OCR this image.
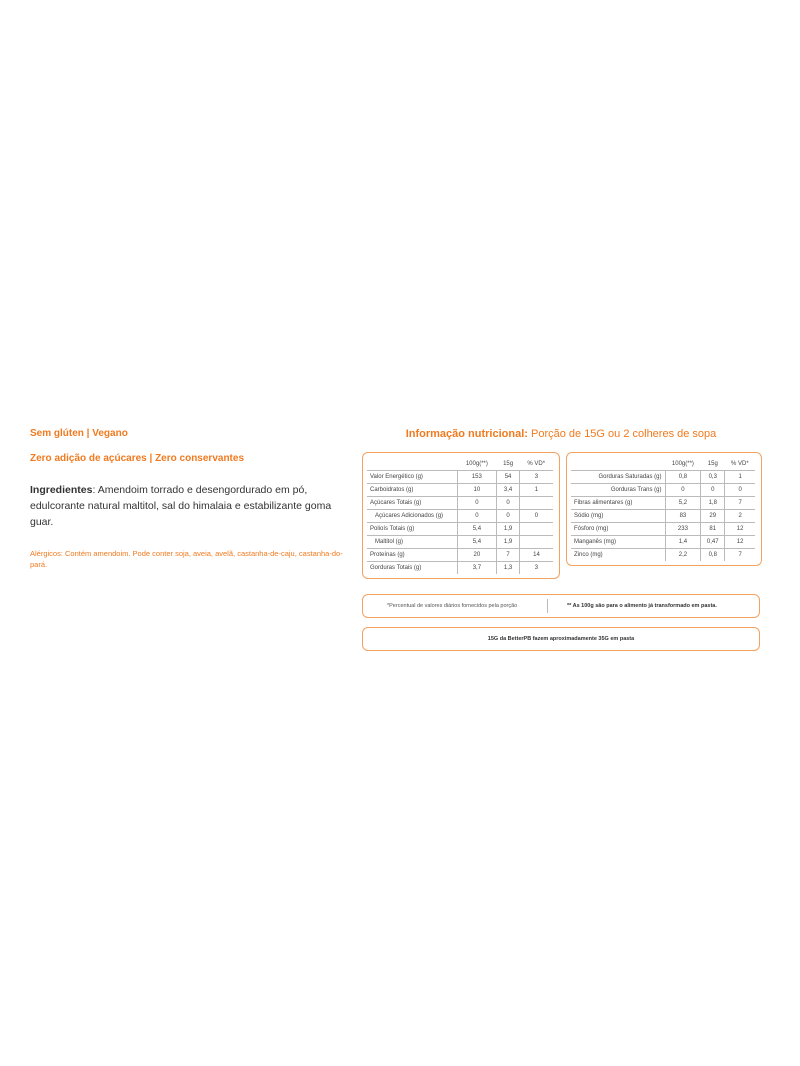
Sem glúten | Vegano

Zero adição de açúcares | Zero conservantes

Ingredientes: Amendoim torrado e desengordurado em pó, edulcorante natural maltitol, sal do himalaia e estabilizante goma guar.

Alérgicos: Contém amendoim. Pode conter soja, aveia, avelã, castanha-de-caju, castanha-do-pará.

Informação nutricional: Porção de 15G ou 2 colheres de sopa
	100g(**)	15g	% VD*
Valor Energético (g)	153	54	3
Carboidratos (g)	10	3,4	1
Açúcares Totais (g)	0	0	
Açúcares Adicionados (g)	0	0	0
Polioís Totais (g)	5,4	1,9	
Maltitol (g)	5,4	1,9	
Proteínas (g)	20	7	14
Gorduras Totais (g)	3,7	1,3	3
	100g(**)	15g	% VD*
Gorduras Saturadas (g)	0,8	0,3	1
Gorduras Trans (g)	0	0	0
Fibras alimentares (g)	5,2	1,8	7
Sódio (mg)	83	29	2
Fósforo (mg)	233	81	12
Manganês (mg)	1,4	0,47	12
Zinco (mg)	2,2	0,8	7
*Percentual de valores diários fornecidos pela porção	** As 100g são para o alimento já transformado em pasta.
15G da BetterPB fazem aproximadamente 35G em pasta
